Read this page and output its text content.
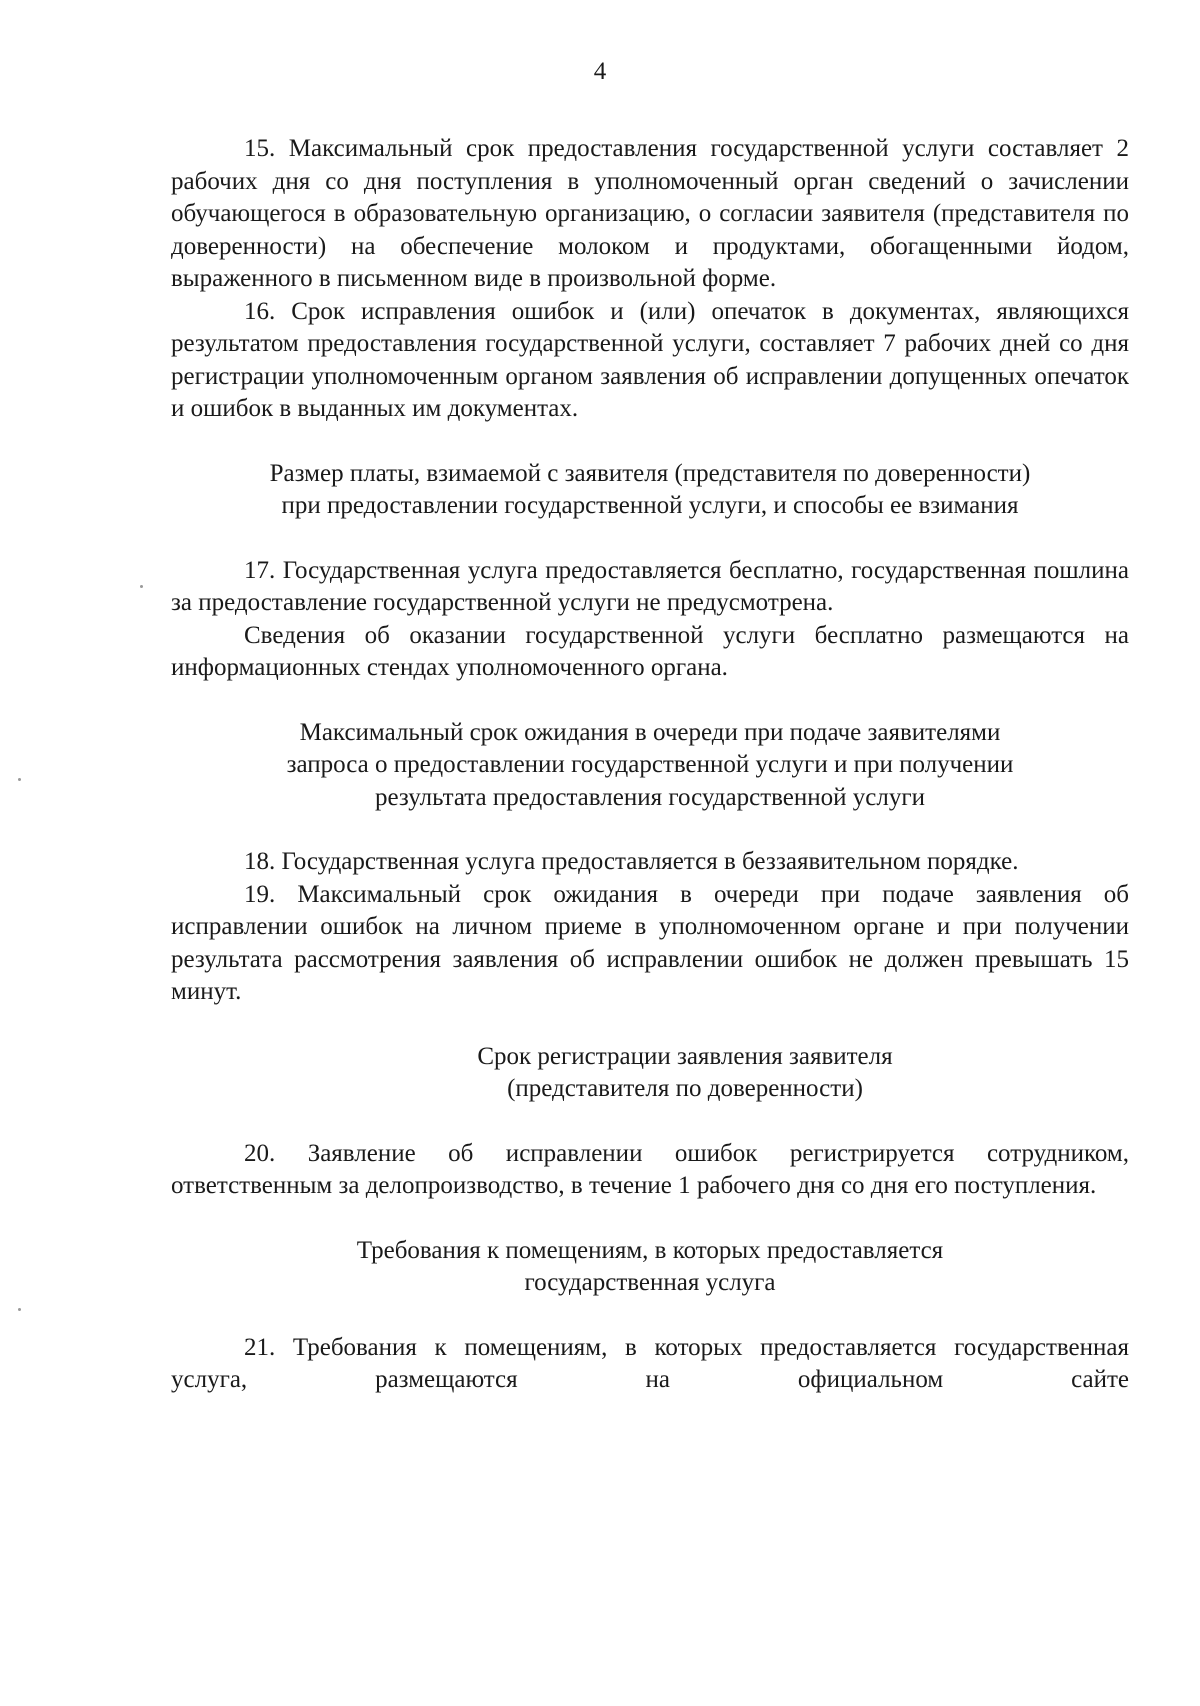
4

15. Максимальный срок предоставления государственной услуги составляет 2 рабочих дня со дня поступления в уполномоченный орган сведений о зачислении обучающегося в образовательную организацию, о согласии заявителя (представителя по доверенности) на обеспечение молоком и продуктами, обогащенными йодом, выраженного в письменном виде в произвольной форме.

16. Срок исправления ошибок и (или) опечаток в документах, являющихся результатом предоставления государственной услуги, составляет 7 рабочих дней со дня регистрации уполномоченным органом заявления об исправлении допущенных опечаток и ошибок в выданных им документах.

Размер платы, взимаемой с заявителя (представителя по доверенности)
при предоставлении государственной услуги, и способы ее взимания

17. Государственная услуга предоставляется бесплатно, государственная пошлина за предоставление государственной услуги не предусмотрена.

Сведения об оказании государственной услуги бесплатно размещаются на информационных стендах уполномоченного органа.

Максимальный срок ожидания в очереди при подаче заявителями
запроса о предоставлении государственной услуги и при получении
результата предоставления государственной услуги

18. Государственная услуга предоставляется в беззаявительном порядке.

19. Максимальный срок ожидания в очереди при подаче заявления об исправлении ошибок на личном приеме в уполномоченном органе и при получении результата рассмотрения заявления об исправлении ошибок не должен превышать 15 минут.

Срок регистрации заявления заявителя
(представителя по доверенности)

20. Заявление об исправлении ошибок регистрируется сотрудником, ответственным за делопроизводство, в течение 1 рабочего дня со дня его поступления.

Требования к помещениям, в которых предоставляется
государственная услуга

21. Требования к помещениям, в которых предоставляется государственная услуга, размещаются на официальном сайте
